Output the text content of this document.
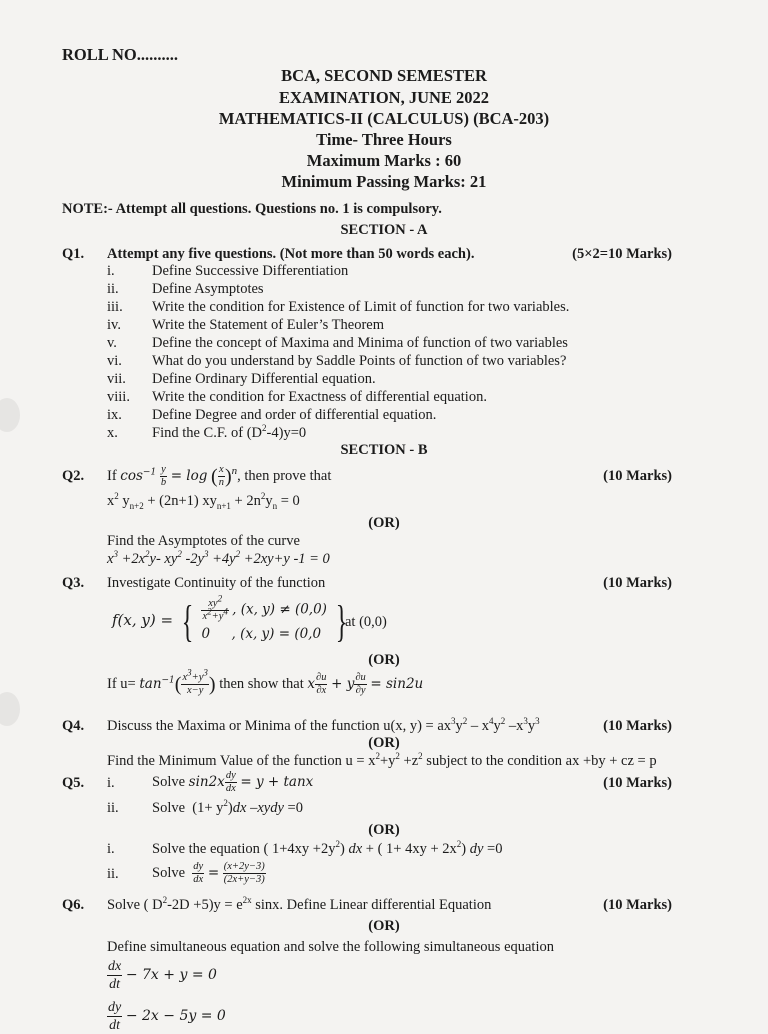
ROLL NO..........
BCA, SECOND SEMESTER
EXAMINATION, JUNE 2022
MATHEMATICS-II (CALCULUS) (BCA-203)
Time- Three Hours
Maximum Marks : 60
Minimum Passing Marks: 21
NOTE:- Attempt all questions. Questions no. 1 is compulsory.
SECTION - A
Q1. Attempt any five questions. (Not more than 50 words each).	(5×2=10 Marks)
i.	Define Successive Differentiation
ii. Define Asymptotes
iii. Write the condition for Existence of Limit of function for two variables.
iv. Write the Statement of Euler’s Theorem
v. Define the concept of Maxima and Minima of function of two variables
vi. What do you understand by Saddle Points of function of two variables?
vii. Define Ordinary Differential equation.
viii. Write the condition for Exactness of differential equation.
ix. Define Degree and order of differential equation.
x. Find the C.F. of $(D^2-4)y=0$
SECTION - B
Q2. If $\cos^{-1} \frac{y}{b} = \log$ ( $\frac{x}{n} )^n$, then prove that	(10 Marks)
$x^2$ $y_{n+2} + (2n+1) xy_{n+1} + 2n^2y_n = 0$
(OR)
Find the Asymptotes of the curve
$x^3 +2x^2y-$ $xy^2$ $-2y^3 +4y^2 +2xy+y$ -1 = 0
Q3. Investigate Continuity of the function	(10 Marks)
f(x, y) = { $\frac{xy^2}{x^2+y^4}$ , (x, y) ≠ (0,0)
0     , (x, y) = (0,0 }
at (0,0)
(OR)
If $u= \tan^{-1}( \frac{x^3+y^3}{x-y}$ ) then show that x $\frac{\partial u}{\partial x} + y \frac{\partial u}{\partial y} = \sin 2u$
Q4. Discuss the Maxima or Minima of the function u(x, $y) = ax^3y^2 - x^4y^2$ $-x^3y^3$	(10 Marks)
(OR)
Find the Minimum Value of the function $u = x^2+y^2 +z^2$ subject to the condition ax +by + cz = p
Q5. i.	Solve $\sin 2x \frac{dy}{dx} = y + \tan x$	(10 Marks)
ii. Solve  $(1+ y^2)dx$ –xydy =0
(OR)
i.	Solve the equation ( $1+4xy +2y^2$) dx + ( $1+ 4xy + 2x^2$) dy =0
ii. Solve $\frac{dy}{dx} = \frac{(x+2y-3)}{(2x+y-3)}$
Q6. Solve ( $D^2-2D +5)y = e^{2x}$ sinx. Define Linear differential Equation	(10 Marks)
(OR)
Define simultaneous equation and solve the following simultaneous equation
$\frac{dx}{dt} - 7x + y = 0$
$\frac{dy}{dt} - 2x - 5y = 0$
